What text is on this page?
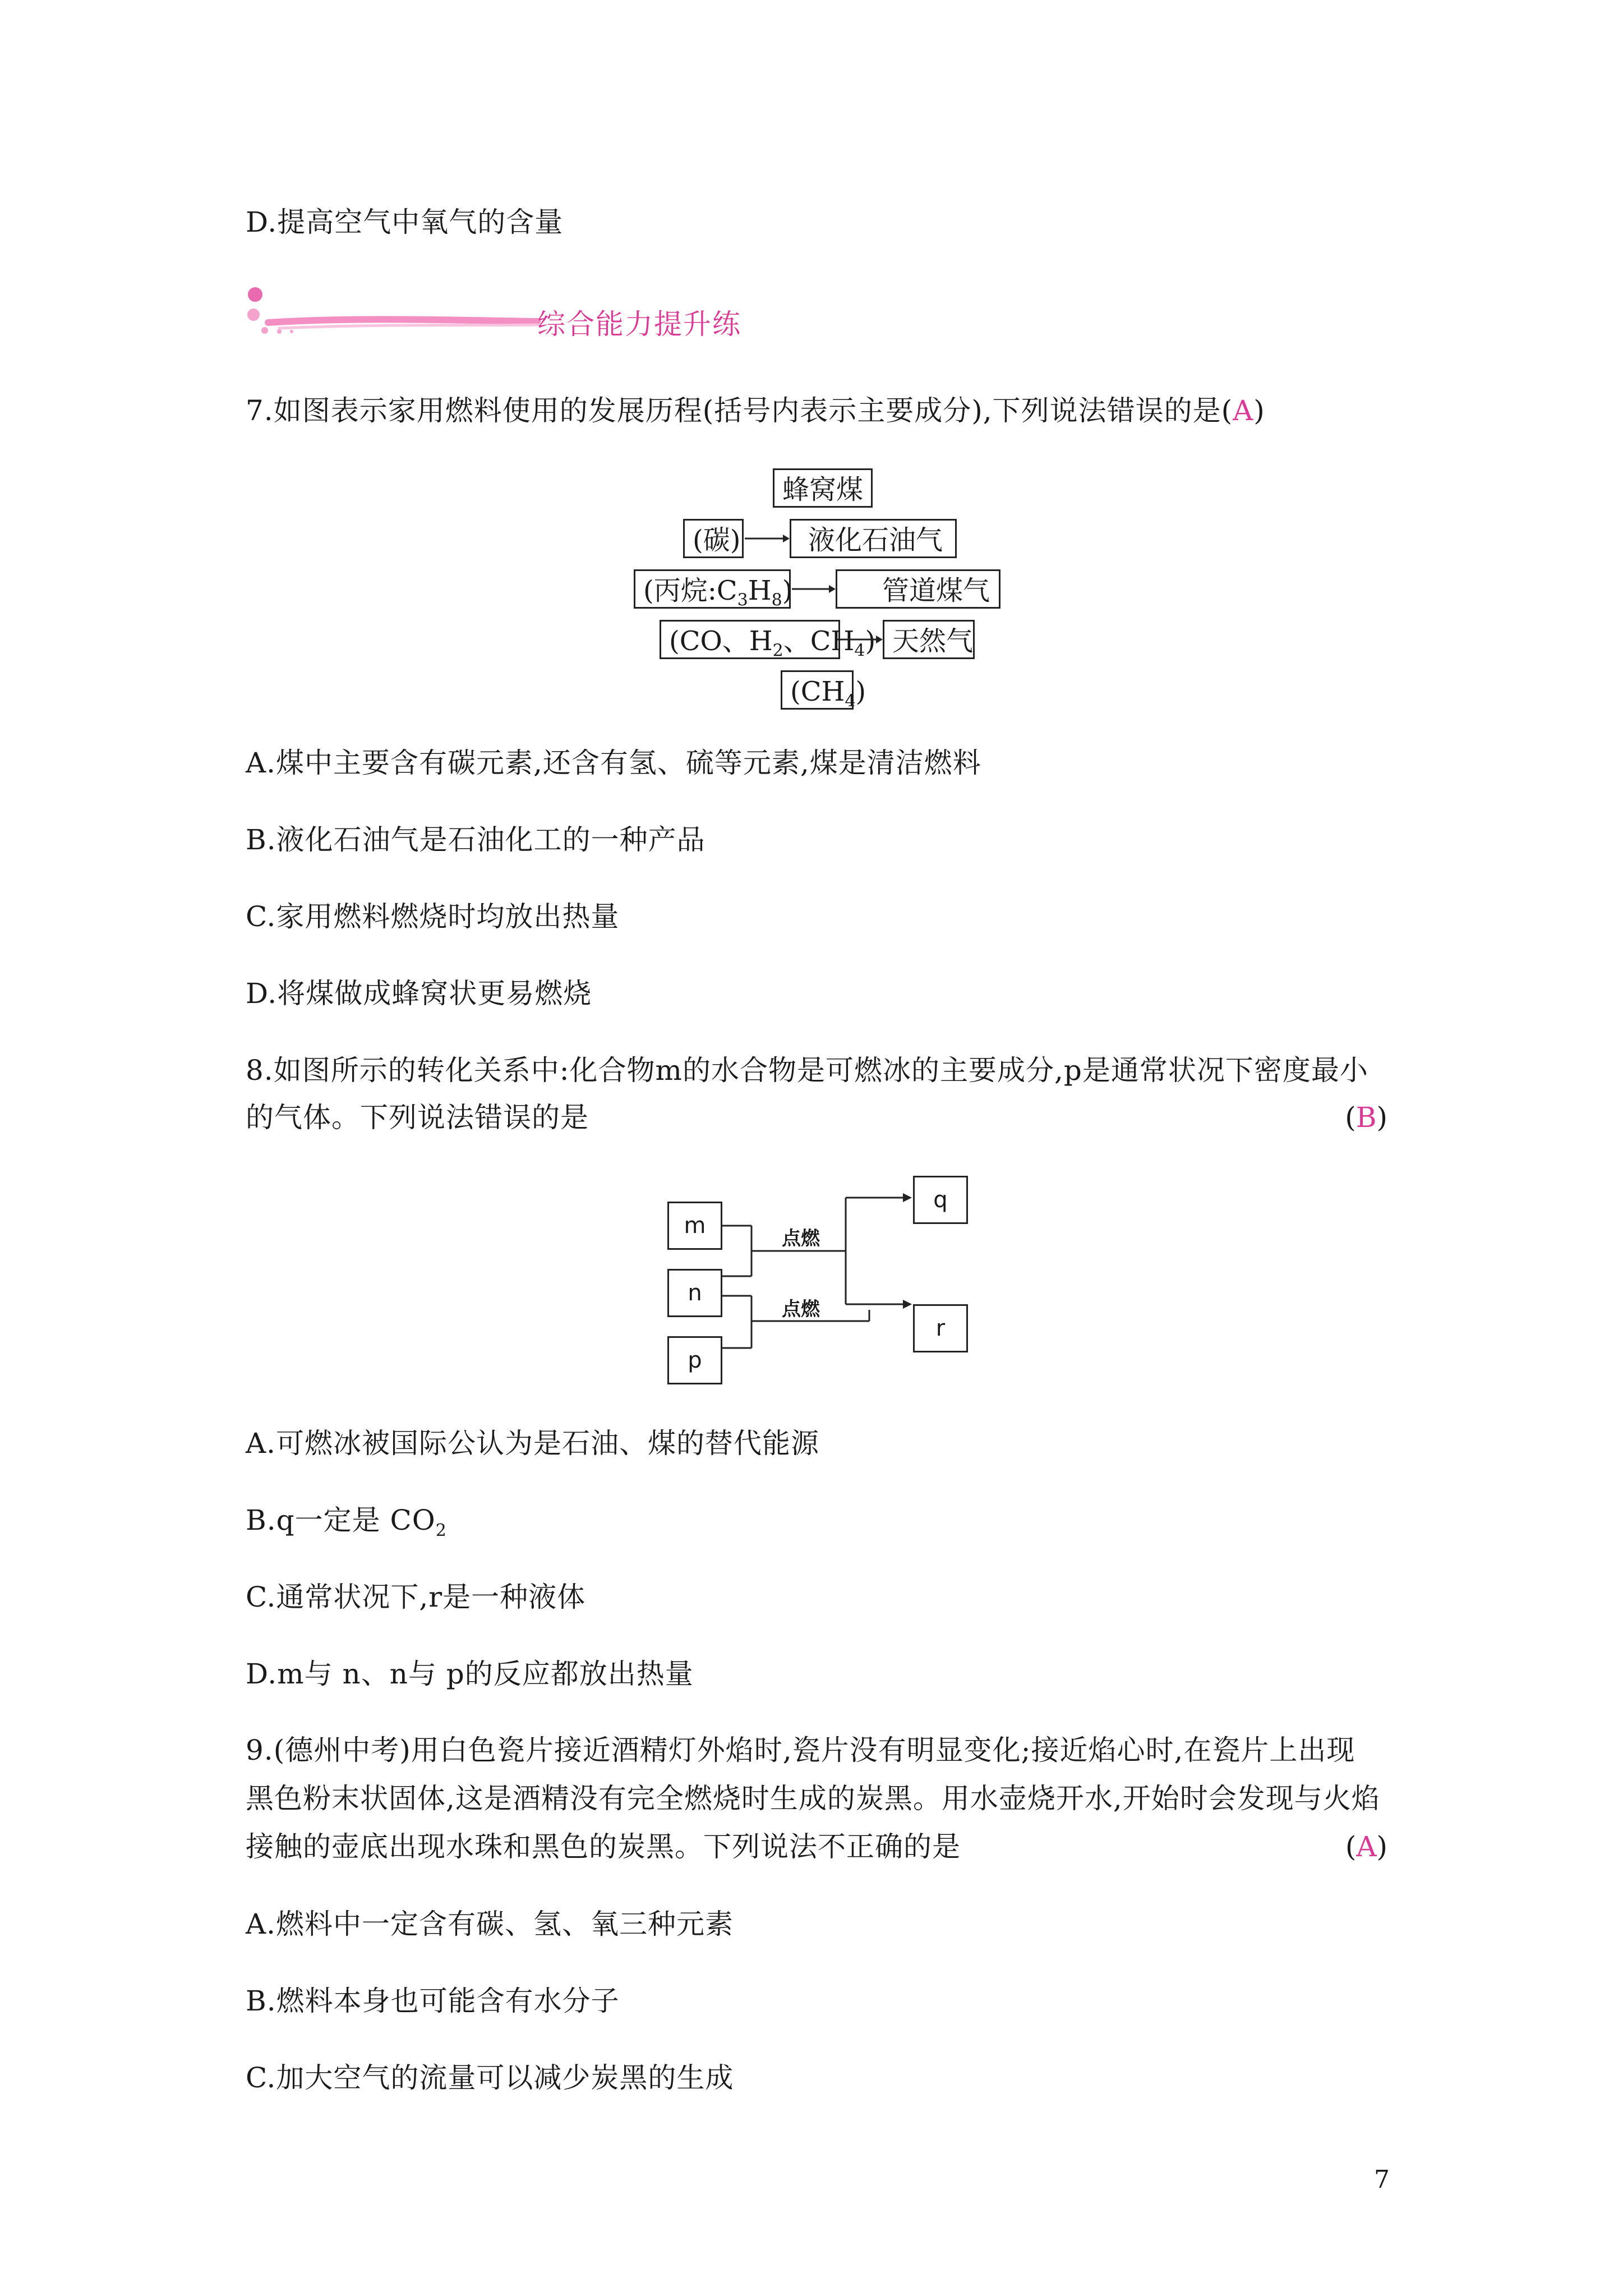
D.提高空气中氧气的含量
综合能力提升练
7.如图表示家用燃料使用的发展历程(括号内表示主要成分),下列说法错误的是(A)
蜂窝煤
(碳)	液化石油气
(丙烷$:C_3H_8$)	管道煤气
(CO、$H_2$、$CH_4$) 天然气
$(CH_4)$
A.煤中主要含有碳元素,还含有氢、硫等元素,煤是清洁燃料
B.液化石油气是石油化工的一种产品
C.家用燃料燃烧时均放出热量
D.将煤做成蜂窝状更易燃烧
8.如图所示的转化关系中:化合物m的水合物是可燃冰的主要成分,p是通常状况下密度最小
的气体。下列说法错误的是	(B)
m
n
p
q
r
点燃
点燃
A.可燃冰被国际公认为是石油、煤的替代能源
B.q一定是 $CO_2$
C.通常状况下,r是一种液体
D.m与 n、n与 p的反应都放出热量
9.(德州中考)用白色瓷片接近酒精灯外焰时,瓷片没有明显变化;接近焰心时,在瓷片上出现
黑色粉末状固体,这是酒精没有完全燃烧时生成的炭黑。用水壶烧开水,开始时会发现与火焰
接触的壶底出现水珠和黑色的炭黑。下列说法不正确的是	(A)
A.燃料中一定含有碳、氢、氧三种元素
B.燃料本身也可能含有水分子
C.加大空气的流量可以减少炭黑的生成
7
